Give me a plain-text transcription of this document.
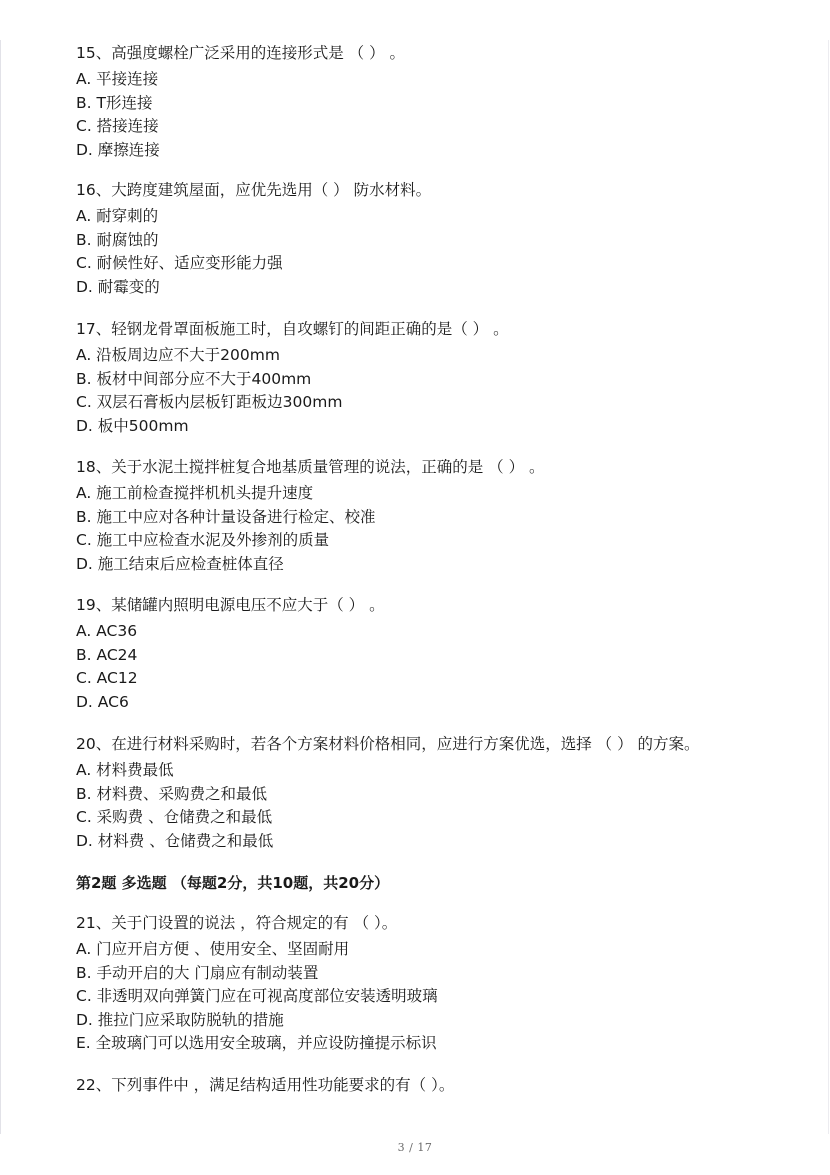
15、高强度螺栓广泛采用的连接形式是 （ ） 。
A. 平接连接
B. T形连接
C. 搭接连接
D. 摩擦连接
16、大跨度建筑屋面，应优先选用（ ） 防水材料。
A. 耐穿刺的
B. 耐腐蚀的
C. 耐候性好、适应变形能力强
D. 耐霉变的
17、轻钢龙骨罩面板施工时，自攻螺钉的间距正确的是（ ） 。
A. 沿板周边应不大于200mm
B. 板材中间部分应不大于400mm
C. 双层石膏板内层板钉距板边300mm
D. 板中500mm
18、关于水泥土搅拌桩复合地基质量管理的说法，正确的是 （ ） 。
A. 施工前检查搅拌机机头提升速度
B. 施工中应对各种计量设备进行检定、校准
C. 施工中应检查水泥及外掺剂的质量
D. 施工结束后应检查桩体直径
19、某储罐内照明电源电压不应大于（ ） 。
A. AC36
B. AC24
C. AC12
D. AC6
20、在进行材料采购时，若各个方案材料价格相同，应进行方案优选，选择 （ ） 的方案。
A. 材料费最低
B. 材料费、采购费之和最低
C. 采购费 、仓储费之和最低
D. 材料费 、仓储费之和最低
第2题 多选题 （每题2分，共10题，共20分）
21、关于门设置的说法 ，符合规定的有 （ ）。
A. 门应开启方便 、使用安全、坚固耐用
B. 手动开启的大 门扇应有制动装置
C. 非透明双向弹簧门应在可视高度部位安装透明玻璃
D. 推拉门应采取防脱轨的措施
E. 全玻璃门可以选用安全玻璃，并应设防撞提示标识
22、下列事件中 ，满足结构适用性功能要求的有（ ）。
3 / 17
